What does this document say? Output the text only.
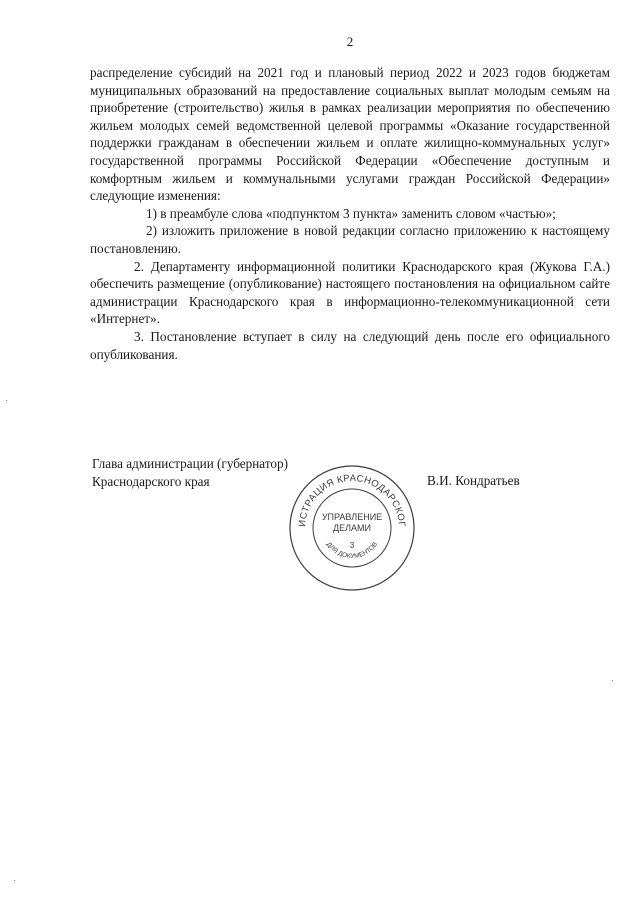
2

распределение субсидий на 2021 год и плановый период 2022 и 2023 годов бюджетам муниципальных образований на предоставление социальных выплат молодым семьям на приобретение (строительство) жилья в рамках реализации мероприятия по обеспечению жильем молодых семей ведомственной целевой программы «Оказание государственной поддержки гражданам в обеспечении жильем и оплате жилищно-коммунальных услуг» государственной программы Российской Федерации «Обеспечение доступным и комфортным жильем и коммунальными услугами граждан Российской Федерации» следующие изменения:

1) в преамбуле слова «подпунктом 3 пункта» заменить словом «частью»;

2) изложить приложение в новой редакции согласно приложению к настоящему постановлению.

2. Департаменту информационной политики Краснодарского края (Жукова Г.А.) обеспечить размещение (опубликование) настоящего постановления на официальном сайте администрации Краснодарского края в информационно-телекоммуникационной сети «Интернет».

3. Постановление вступает в силу на следующий день после его официального опубликования.

Глава администрации (губернатор)
Краснодарского края	В.И. Кондратьев
ИСТРАЦИЯ КРАСНОДАРСКОГ
УПРАВЛЕНИЕ
ДЕЛАМИ
3
ДЛЯ ДОКУМЕНТОВ
